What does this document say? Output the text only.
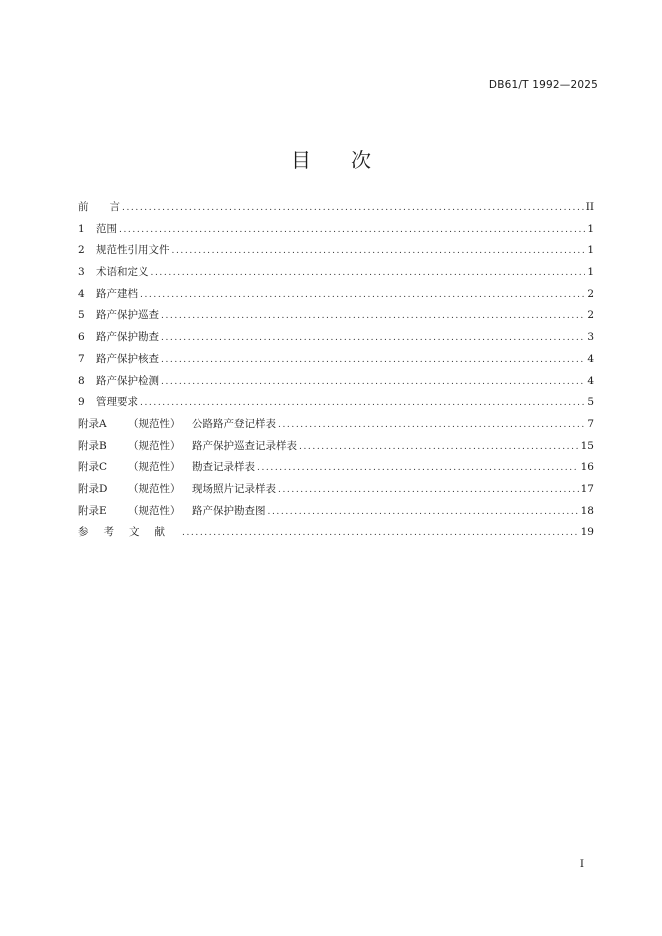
DB61/T 1992—2025
目 次
前　　言 .....	II
1	范围 .....	1
2	规范性引用文件 .....	1
3	术语和定义 .....	1
4	路产建档 .....	2
5	路产保护巡查 .....	2
6	路产保护勘查 .....	3
7	路产保护核查 .....	4
8	路产保护检测 .....	4
9	管理要求 .....	5
附录A （规范性）	公路路产登记样表 .....	7
附录B （规范性）	路产保护巡查记录样表 .....	15
附录C （规范性）	勘查记录样表 .....	16
附录D （规范性）	现场照片记录样表 .....	17
附录E （规范性）	路产保护勘查图 .....	18
参考文献 .....	19
I
